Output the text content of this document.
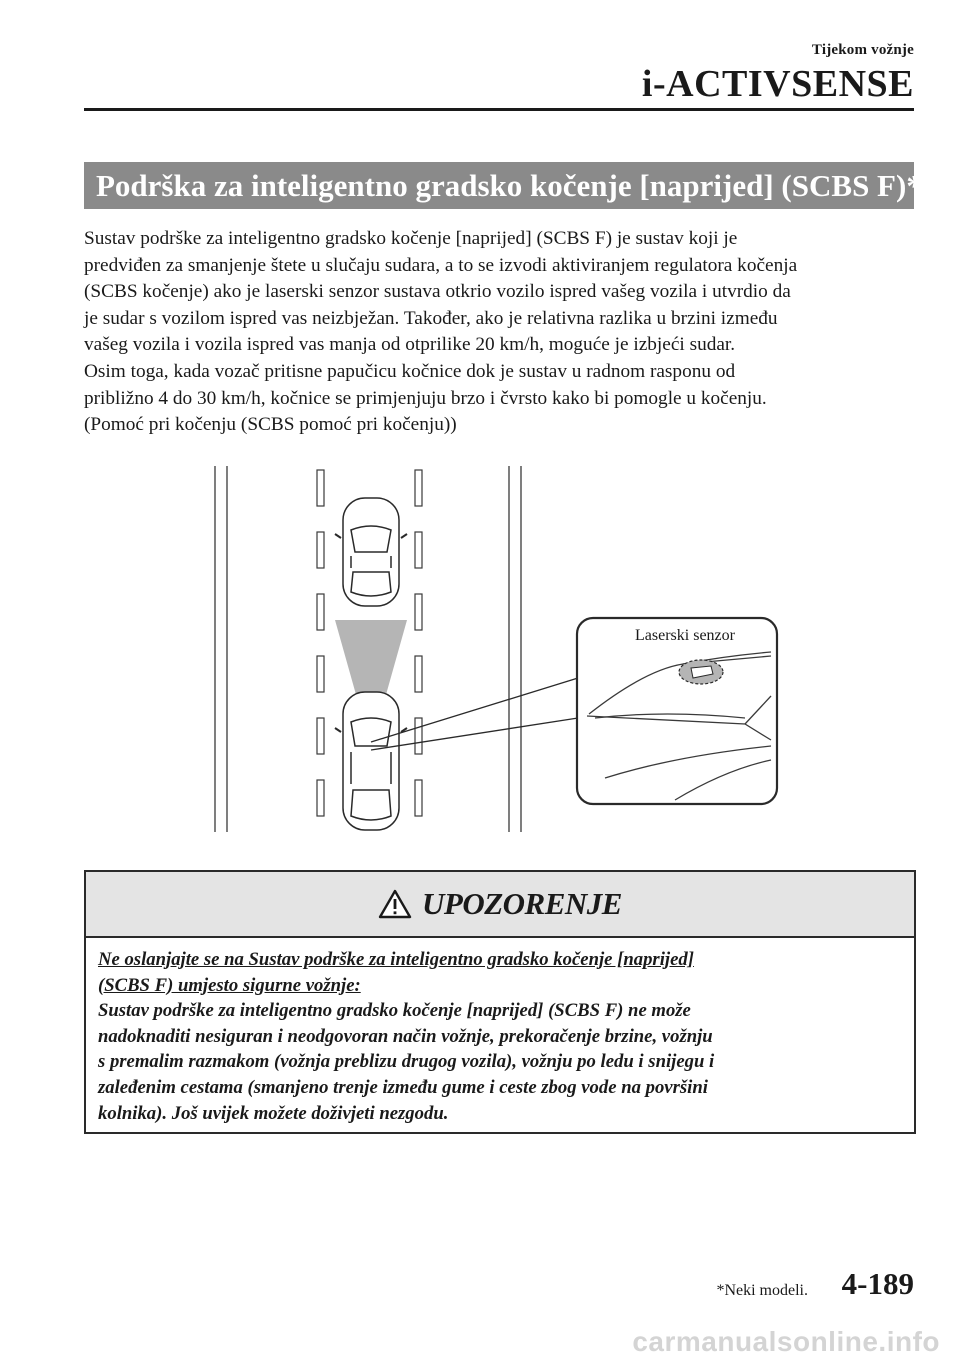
Tijekom vožnje
i-ACTIVSENSE
Podrška za inteligentno gradsko kočenje [naprijed] (SCBS F)*

Sustav podrške za inteligentno gradsko kočenje [naprijed] (SCBS F) je sustav koji je

predviđen za smanjenje štete u slučaju sudara, a to se izvodi aktiviranjem regulatora kočenja

(SCBS kočenje) ako je laserski senzor sustava otkrio vozilo ispred vašeg vozila i utvrdio da

je sudar s vozilom ispred vas neizbježan. Također, ako je relativna razlika u brzini između

vašeg vozila i vozila ispred vas manja od otprilike 20 km/h, moguće je izbjeći sudar.

Osim toga, kada vozač pritisne papučicu kočnice dok je sustav u radnom rasponu od

približno 4 do 30 km/h, kočnice se primjenjuju brzo i čvrsto kako bi pomogle u kočenju.

(Pomoć pri kočenju (SCBS pomoć pri kočenju))

Laserski senzor
UPOZORENJE
Ne oslanjajte se na Sustav podrške za inteligentno gradsko kočenje [naprijed]
(SCBS F) umjesto sigurne vožnje:
Sustav podrške za inteligentno gradsko kočenje [naprijed] (SCBS F) ne može
nadoknaditi nesiguran i neodgovoran način vožnje, prekoračenje brzine, vožnju
s premalim razmakom (vožnja preblizu drugog vozila), vožnju po ledu i snijegu i
zaleđenim cestama (smanjeno trenje između gume i ceste zbog vode na površini
kolnika). Još uvijek možete doživjeti nezgodu.
*Neki modeli. 4-189
carmanualsonline.info
